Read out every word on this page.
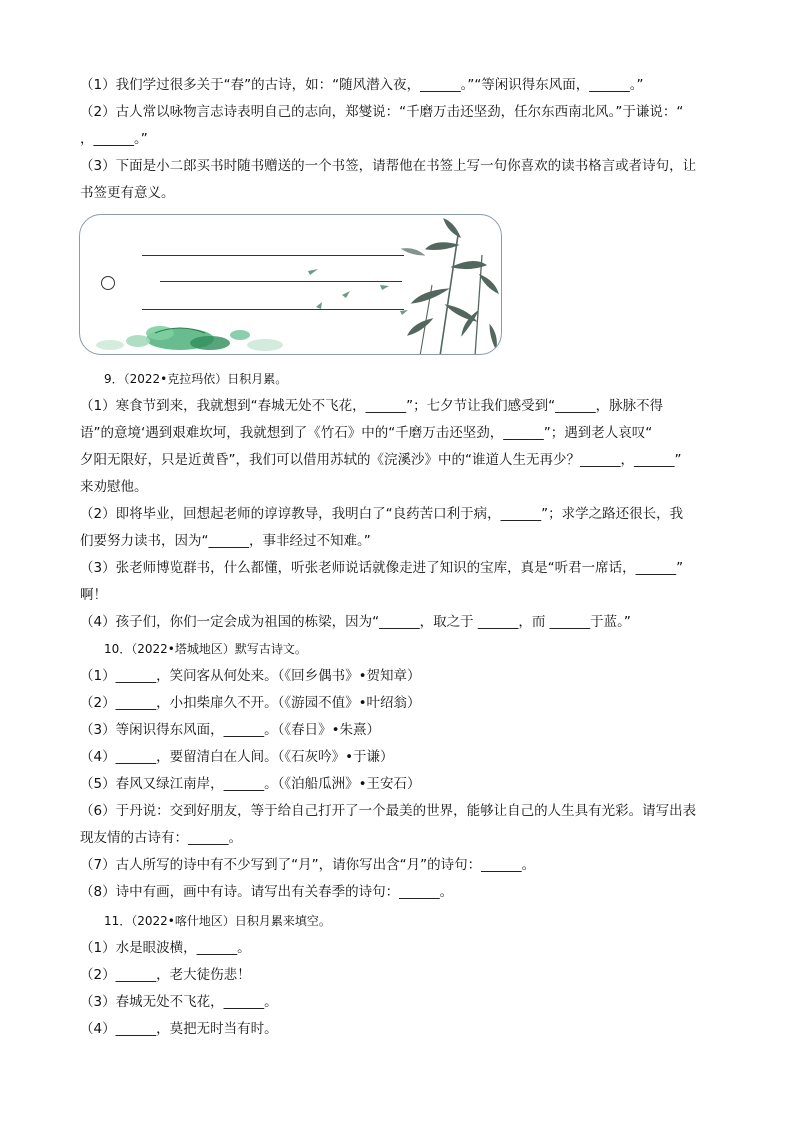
（1）我们学过很多关于“春”的古诗，如：“随风潜入夜，______。”“等闲识得东风面，______。”
（2）古人常以咏物言志诗表明自己的志向，郑燮说：“千磨万击还坚劲，任尔东西南北风。”于谦说：“
，______。”
（3）下面是小二郎买书时随书赠送的一个书签，请帮他在书签上写一句你喜欢的读书格言或者诗句，让
书签更有意义。
9．（2022•克拉玛依）日积月累。
（1）寒食节到来，我就想到“春城无处不飞花，______”；七夕节让我们感受到“______，脉脉不得
语”的意境‘遇到艰难坎坷，我就想到了《竹石》中的“千磨万击还坚劲，______”；遇到老人哀叹“
夕阳无限好，只是近黄昏”，我们可以借用苏轼的《浣溪沙》中的“谁道人生无再少？______，______”
来劝慰他。
（2）即将毕业，回想起老师的谆谆教导，我明白了“良药苦口利于病，______”；求学之路还很长，我
们要努力读书，因为“______，事非经过不知难。”
（3）张老师博览群书，什么都懂，听张老师说话就像走进了知识的宝库，真是“听君一席话，______”
啊！
（4）孩子们，你们一定会成为祖国的栋梁，因为“______，取之于 ______，而 ______于蓝。”
10．（2022•塔城地区）默写古诗文。
（1）______，笑问客从何处来。（《回乡偶书》•贺知章）
（2）______，小扣柴扉久不开。（《游园不值》•叶绍翁）
（3）等闲识得东风面，______。（《春日》•朱熹）
（4）______，要留清白在人间。（《石灰吟》•于谦）
（5）春风又绿江南岸，______。（《泊船瓜洲》•王安石）
（6）于丹说：交到好朋友，等于给自己打开了一个最美的世界，能够让自己的人生具有光彩。请写出表
现友情的古诗有：______。
（7）古人所写的诗中有不少写到了“月”，请你写出含“月”的诗句：______。
（8）诗中有画，画中有诗。请写出有关春季的诗句：______。
11．（2022•喀什地区）日积月累来填空。
（1）水是眼波横，______。
（2）______，老大徒伤悲！
（3）春城无处不飞花，______。
（4）______，莫把无时当有时。
